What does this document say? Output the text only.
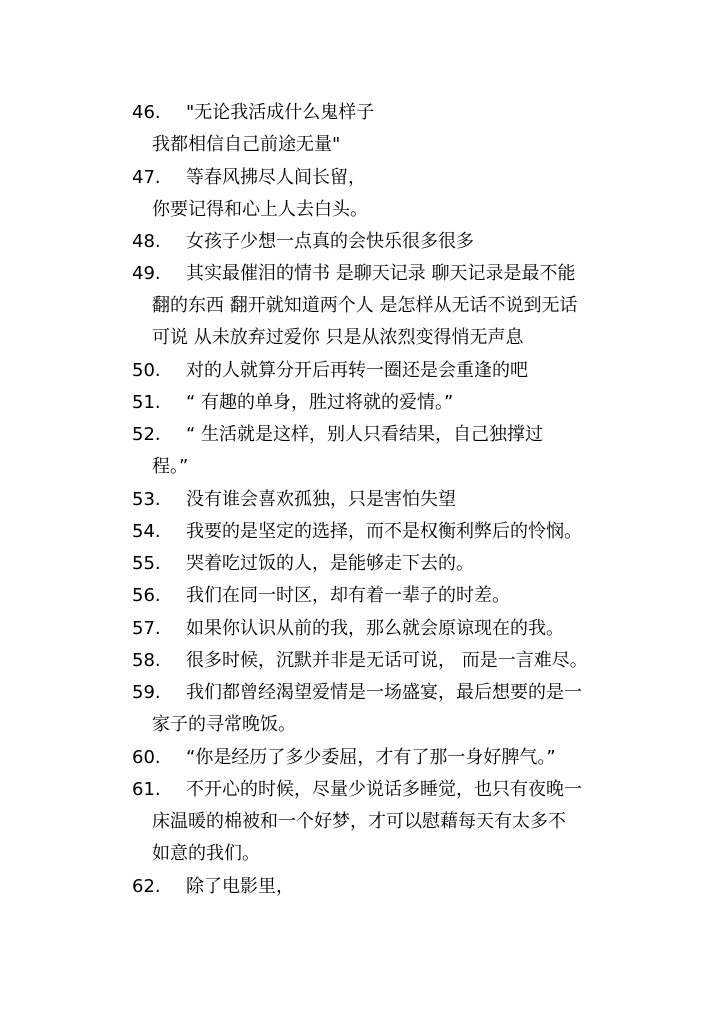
46.	"无论我活成什么鬼样子
我都相信自己前途无量"
47.	等春风拂尽人间长留，
你要记得和心上人去白头。
48.	女孩子少想一点真的会快乐很多很多
49.	其实最催泪的情书 是聊天记录 聊天记录是最不能
翻的东西 翻开就知道两个人 是怎样从无话不说到无话
可说 从未放弃过爱你 只是从浓烈变得悄无声息
50.	对的人就算分开后再转一圈还是会重逢的吧
51.	“ 有趣的单身，胜过将就的爱情。”
52.	“ 生活就是这样，别人只看结果，自己独撑过
程。”
53.	没有谁会喜欢孤独，只是害怕失望
54.	我要的是坚定的选择，而不是权衡利弊后的怜悯。
55.	哭着吃过饭的人，是能够走下去的。
56.	我们在同一时区，却有着一辈子的时差。
57.	如果你认识从前的我，那么就会原谅现在的我。
58.	很多时候，沉默并非是无话可说， 而是一言难尽。
59.	我们都曾经渴望爱情是一场盛宴，最后想要的是一
家子的寻常晚饭。
60.	“你是经历了多少委屈，才有了那一身好脾气。”
61.	不开心的时候，尽量少说话多睡觉，也只有夜晚一
床温暖的棉被和一个好梦，才可以慰藉每天有太多不
如意的我们。
62.	除了电影里，
